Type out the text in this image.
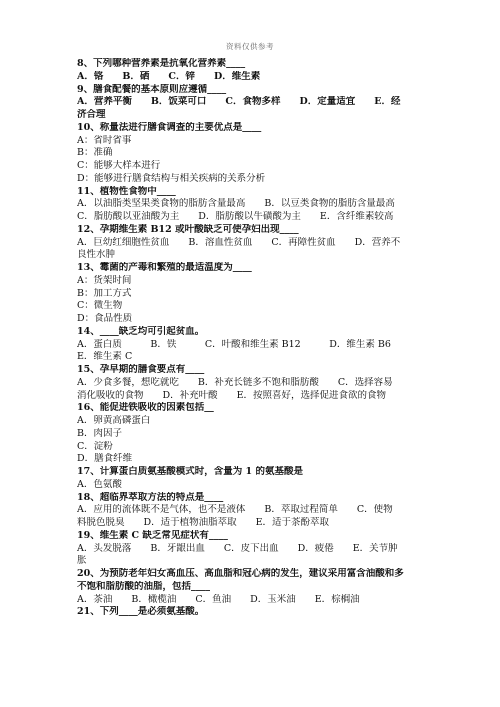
资料仅供参考
8、下列哪种营养素是抗氧化营养素____
A．铬　　B．硒　　C．锌　　D．维生素
9、膳食配餐的基本原则应遵循____
A．营养平衡　　B．饭菜可口　　C．食物多样　　D．定量适宜　　E．经
济合理
10、称量法进行膳食调查的主要优点是____
A：省时省事
B：准确
C：能够大样本进行
D：能够进行膳食结构与相关疾病的关系分析
11、植物性食物中____
A．以油脂类坚果类食物的脂肪含量最高　　B．以豆类食物的脂肪含量最高
C．脂肪酸以亚油酸为主　　D．脂肪酸以牛磺酸为主　　E．含纤维素较高
12、孕期维生素 B12 或叶酸缺乏可使孕妇出现____
A．巨幼红细胞性贫血　　B．溶血性贫血　　C．再障性贫血　　D．营养不
良性水肿
13、霉菌的产毒和繁殖的最适温度为____
A：货架时间
B：加工方式
C：微生物
D：食品性质
14、____缺乏均可引起贫血。
A．蛋白质　　　B．铁　　　C．叶酸和维生素 B12　　　D．维生素 B6
E．维生素 C
15、孕早期的膳食要点有____
A．少食多餐，想吃就吃　　B．补充长链多不饱和脂肪酸　　C．选择容易
消化吸收的食物　　D．补充叶酸　　E．按照喜好，选择促进食欲的食物
16、能促进铁吸收的因素包括__
A．卵黄高磷蛋白
B．肉因子
C．淀粉
D．膳食纤维
17、计算蛋白质氨基酸模式时，含量为 1 的氨基酸是
A．色氨酸
18、超临界萃取方法的特点是____
A．应用的流体既不是气体，也不是液体　　B．萃取过程简单　　C．使物
料脱色脱臭　　D．适于植物油脂萃取　　E．适于茶酚萃取
19、维生素 C 缺乏常见症状有____
A．头发脱落　　B．牙龈出血　　C．皮下出血　　D．疲倦　　E．关节肿
胀
20、为预防老年妇女高血压、高血脂和冠心病的发生，建议采用富含油酸和多
不饱和脂肪酸的油脂，包括____
A．茶油　　B．橄榄油　　C．鱼油　　D．玉米油　　E．棕榈油
21、下列____是必须氨基酸。
